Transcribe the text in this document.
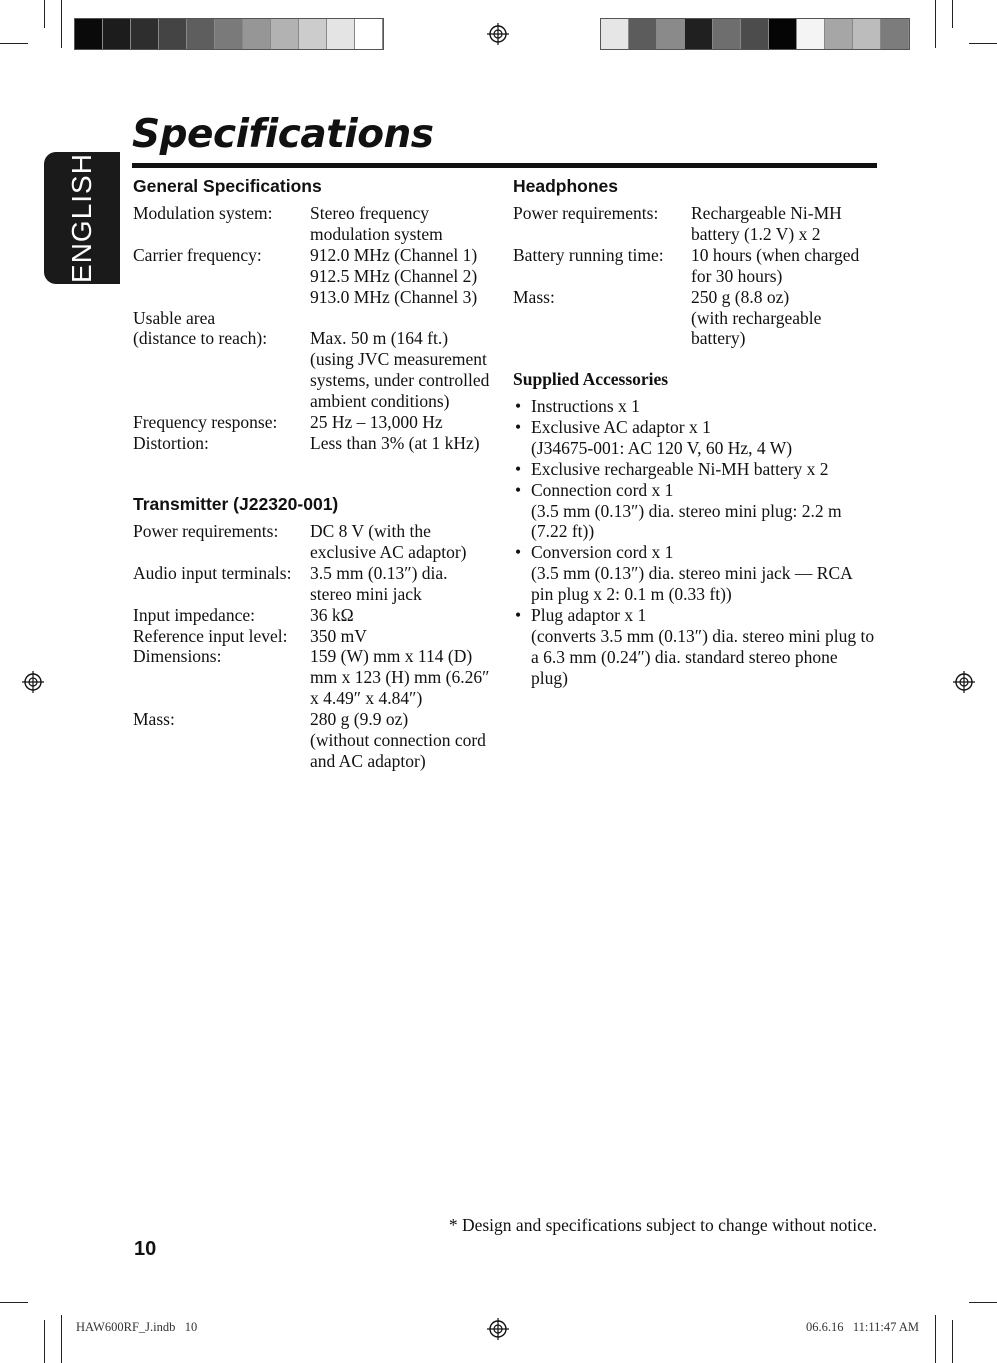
ENGLISH
Specifications
General Specifications
Modulation system:	Stereo frequency modulation system
Carrier frequency:	912.0 MHz (Channel 1)
912.5 MHz (Channel 2)
913.0 MHz (Channel 3)
Usable area
(distance to reach):	
Max. 50 m (164 ft.) (using JVC measurement systems, under controlled ambient conditions)
Frequency response:	25 Hz – 13,000 Hz
Distortion:	Less than 3% (at 1 kHz)
Transmitter (J22320-001)
Power requirements:	DC 8 V (with the exclusive AC adaptor)
Audio input terminals:	3.5 mm (0.13″) dia. stereo mini jack
Input impedance:	36 kΩ
Reference input level:	350 mV
Dimensions:	159 (W) mm x 114 (D) mm x 123 (H) mm (6.26″ x 4.49″ x 4.84″)
Mass:	280 g (9.9 oz)
(without connection cord and AC adaptor)
Headphones
Power requirements:	Rechargeable Ni-MH battery (1.2 V) x 2
Battery running time:	10 hours (when charged for 30 hours)
Mass:	250 g (8.8 oz)
(with rechargeable battery)
Supplied Accessories
• Instructions x 1
• Exclusive AC adaptor x 1
(J34675-001: AC 120 V, 60 Hz, 4 W)
• Exclusive rechargeable Ni-MH battery x 2
• Connection cord x 1
(3.5 mm (0.13″) dia. stereo mini plug: 2.2 m (7.22 ft))
• Conversion cord x 1
(3.5 mm (0.13″) dia. stereo mini jack — RCA pin plug x 2: 0.1 m (0.33 ft))
• Plug adaptor x 1
(converts 3.5 mm (0.13″) dia. stereo mini plug to a 6.3 mm (0.24″) dia. standard stereo phone plug)
* Design and specifications subject to change without notice.
10
HAW600RF_J.indb   10	06.6.16   11:11:47 AM
